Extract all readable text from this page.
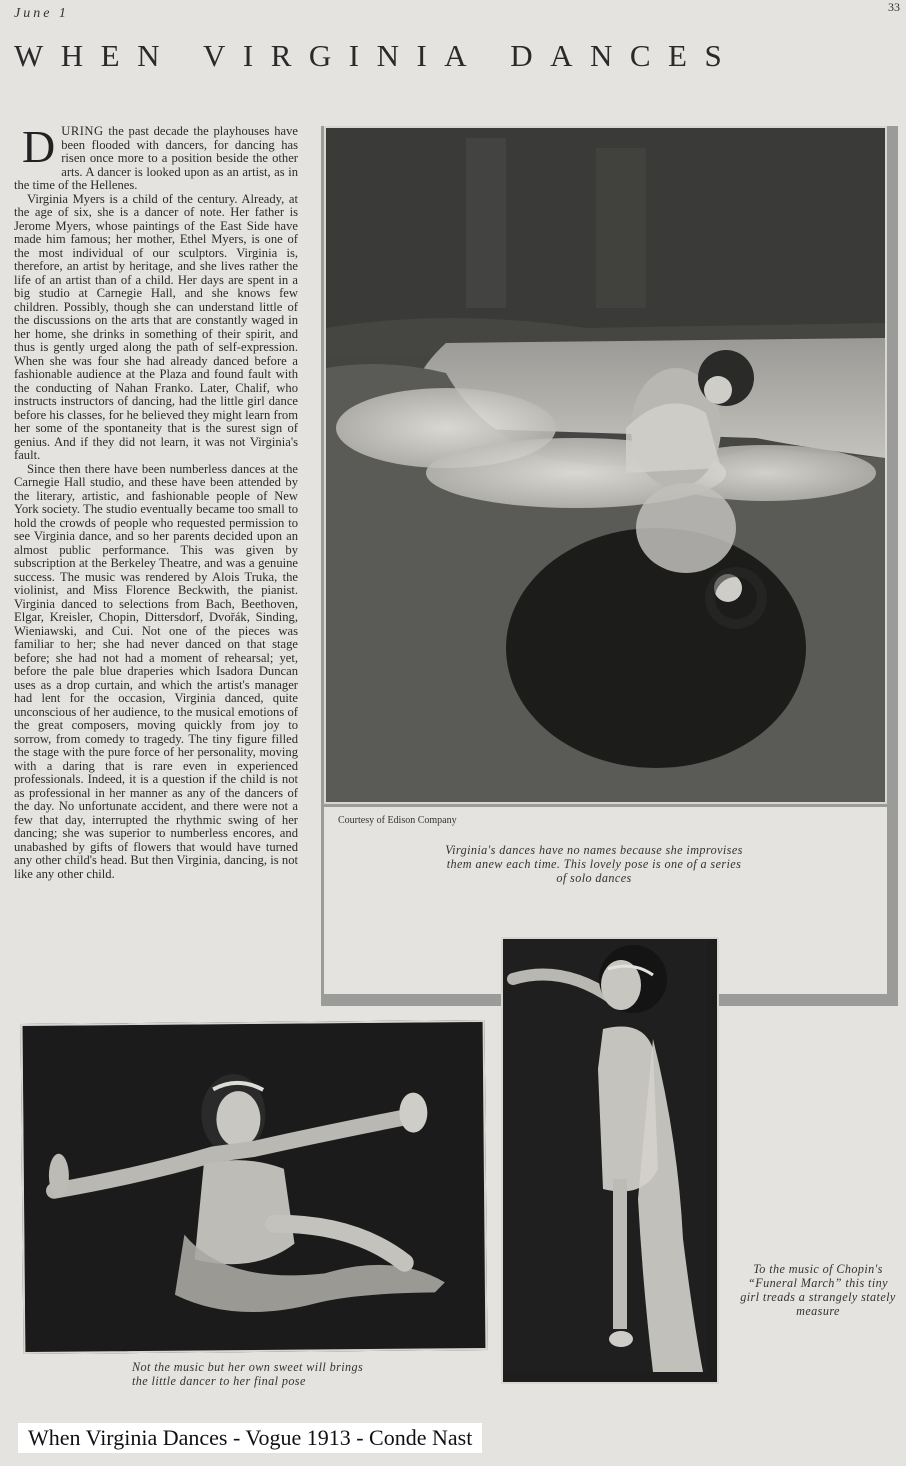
June 1	33
WHEN VIRGINIA DANCES

DURING the past decade the playhouses have been flooded with dancers, for dancing has risen once more to a position beside the other arts. A dancer is looked upon as an artist, as in the time of the Hellenes.

Virginia Myers is a child of the century. Already, at the age of six, she is a dancer of note. Her father is Jerome Myers, whose paintings of the East Side have made him famous; her mother, Ethel Myers, is one of the most individual of our sculptors. Virginia is, therefore, an artist by heritage, and she lives rather the life of an artist than of a child. Her days are spent in a big studio at Carnegie Hall, and she knows few children. Possibly, though she can understand little of the discussions on the arts that are constantly waged in her home, she drinks in something of their spirit, and thus is gently urged along the path of self-expression. When she was four she had already danced before a fashionable audience at the Plaza and found fault with the conducting of Nahan Franko. Later, Chalif, who instructs instructors of dancing, had the little girl dance before his classes, for he believed they might learn from her some of the spontaneity that is the surest sign of genius. And if they did not learn, it was not Virginia's fault.

Since then there have been numberless dances at the Carnegie Hall studio, and these have been attended by the literary, artistic, and fashionable people of New York society. The studio eventually became too small to hold the crowds of people who requested permission to see Virginia dance, and so her parents decided upon an almost public performance. This was given by subscription at the Berkeley Theatre, and was a genuine success. The music was rendered by Alois Truka, the violinist, and Miss Florence Beckwith, the pianist. Virginia danced to selections from Bach, Beethoven, Elgar, Kreisler, Chopin, Dittersdorf, Dvořák, Sinding, Wieniawski, and Cui. Not one of the pieces was familiar to her; she had never danced on that stage before; she had not had a moment of rehearsal; yet, before the pale blue draperies which Isadora Duncan uses as a drop curtain, and which the artist's manager had lent for the occasion, Virginia danced, quite unconscious of her audience, to the musical emotions of the great composers, moving quickly from joy to sorrow, from comedy to tragedy. The tiny figure filled the stage with the pure force of her personality, moving with a daring that is rare even in experienced professionals. Indeed, it is a question if the child is not as professional in her manner as any of the dancers of the day. No unfortunate accident, and there were not a few that day, interrupted the rhythmic swing of her dancing; she was superior to numberless encores, and unabashed by gifts of flowers that would have turned any other child's head. But then Virginia, dancing, is not like any other child.

Courtesy of Edison Company
Virginia's dances have no names because she improvises them anew each time. This lovely pose is one of a series of solo dances
Not the music but her own sweet will brings the little dancer to her final pose
To the music of Chopin's “Funeral March” this tiny girl treads a strangely stately measure
When Virginia Dances - Vogue 1913 - Conde Nast
